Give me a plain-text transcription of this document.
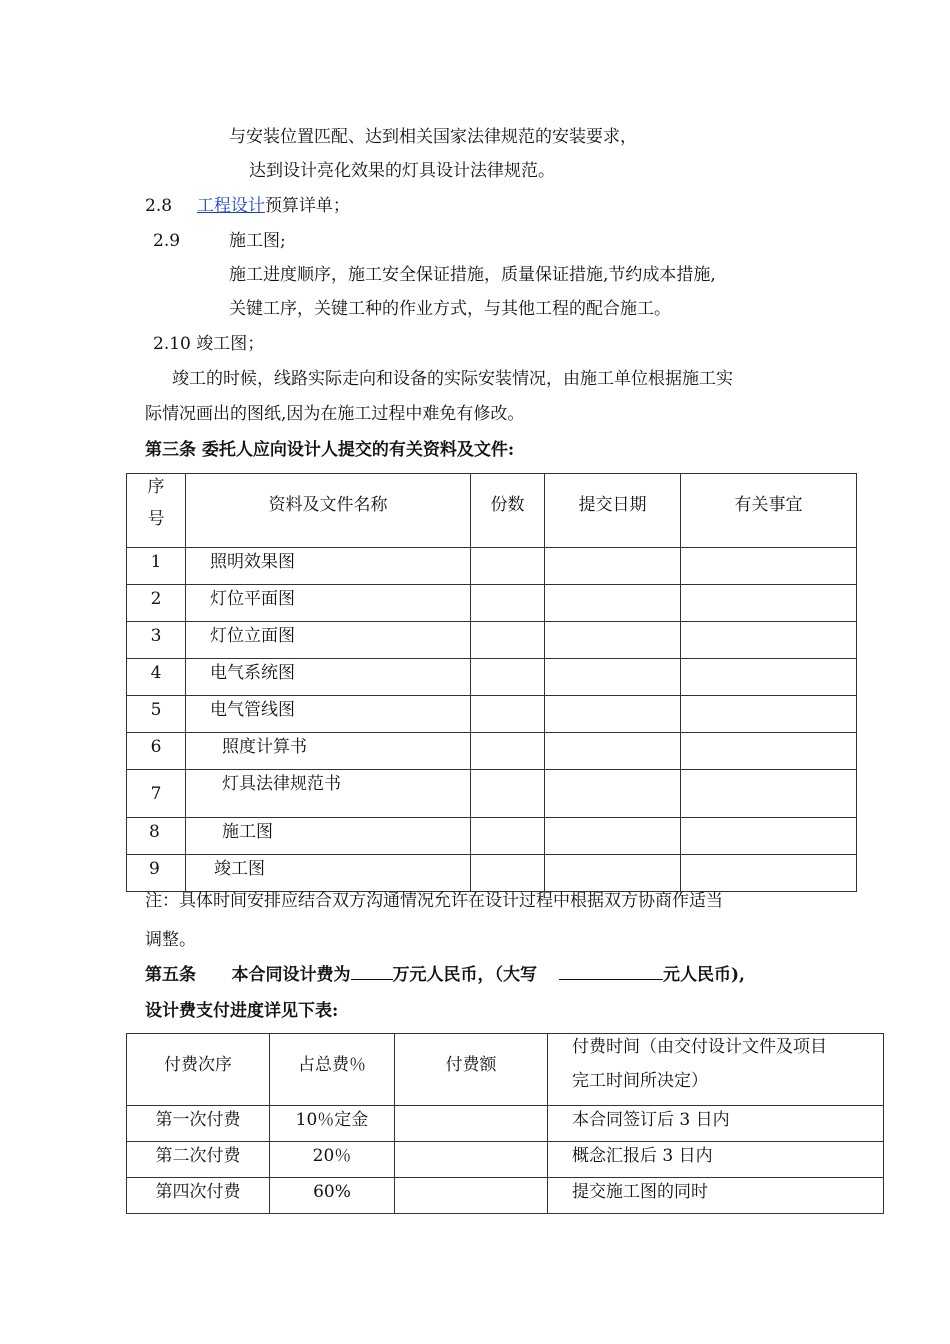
与安装位置匹配、达到相关国家法律规范的安装要求，
达到设计亮化效果的灯具设计法律规范。
2.8 工程设计预算详单；
2.9	施工图;
施工进度顺序，施工安全保证措施，质量保证措施,节约成本措施,
关键工序，关键工种的作业方式，与其他工程的配合施工。
2.10 竣工图；
竣工的时候，线路实际走向和设备的实际安装情况，由施工单位根据施工实
际情况画出的图纸,因为在施工过程中难免有修改。
第三条 委托人应向设计人提交的有关资料及文件:
序
号	资料及文件名称	份数	提交日期	有关事宜

1	照明效果图			

2	灯位平面图			

3	灯位立面图			

4	电气系统图			

5	电气管线图			

6	照度计算书			

7	灯具法律规范书			

8	施工图			

9	竣工图			

注：具体时间安排应结合双方沟通情况允许在设计过程中根据双方协商作适当
调整。
第五条      本合同设计费为 万元人民币，（大写	元人民币),
设计费支付进度详见下表:
付费次序	占总费％	付费额	付费时间（由交付设计文件及项目
完工时间所决定）

第一次付费	10％定金		本合同签订后 3 日内

第二次付费	20％		概念汇报后 3 日内

第四次付费	60%		提交施工图的同时
